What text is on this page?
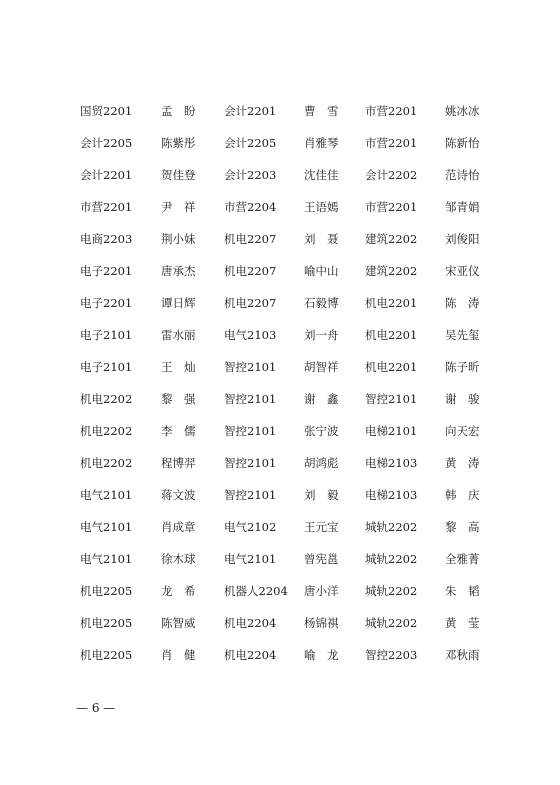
国贸2201 孟　盼 会计2201 曹　雪 市营2201 姚冰冰
会计2205 陈紫彤 会计2205 肖雅琴 市营2201 陈新怡
会计2201 贺佳登 会计2203 沈佳佳 会计2202 范诗怡
市营2201 尹　祥 市营2204 王语嫣 市营2201 邹青娟
电商2203 荆小妹 机电2207 刘　聂 建筑2202 刘俊阳
电子2201 唐承杰 机电2207 喻中山 建筑2202 宋亚仪
电子2201 谭日辉 机电2207 石毅博 机电2201 陈　涛
电子2101 雷水丽 电气2103 刘一舟 机电2201 吴先玺
电子2101 王　灿 智控2101 胡智祥 机电2201 陈子昕
机电2202 黎　强 智控2101 谢　鑫 智控2101 谢　骏
机电2202 李　儒 智控2101 张宁波 电梯2101 向天宏
机电2202 程博羿 智控2101 胡鸿彪 电梯2103 黄　涛
电气2101 蒋文波 智控2101 刘　毅 电梯2103 韩　庆
电气2101 肖成章 电气2102 王元宝 城轨2202 黎　高
电气2101 徐木球 电气2101 曾宪邕 城轨2202 全雅菁
机电2205 龙　希 机器人2204 唐小洋 城轨2202 朱　韬
机电2205 陈智威 机电2204 杨锦祺 城轨2202 黄　莹
机电2205 肖　健 机电2204 喻　龙 智控2203 邓秋雨
— 6 —
